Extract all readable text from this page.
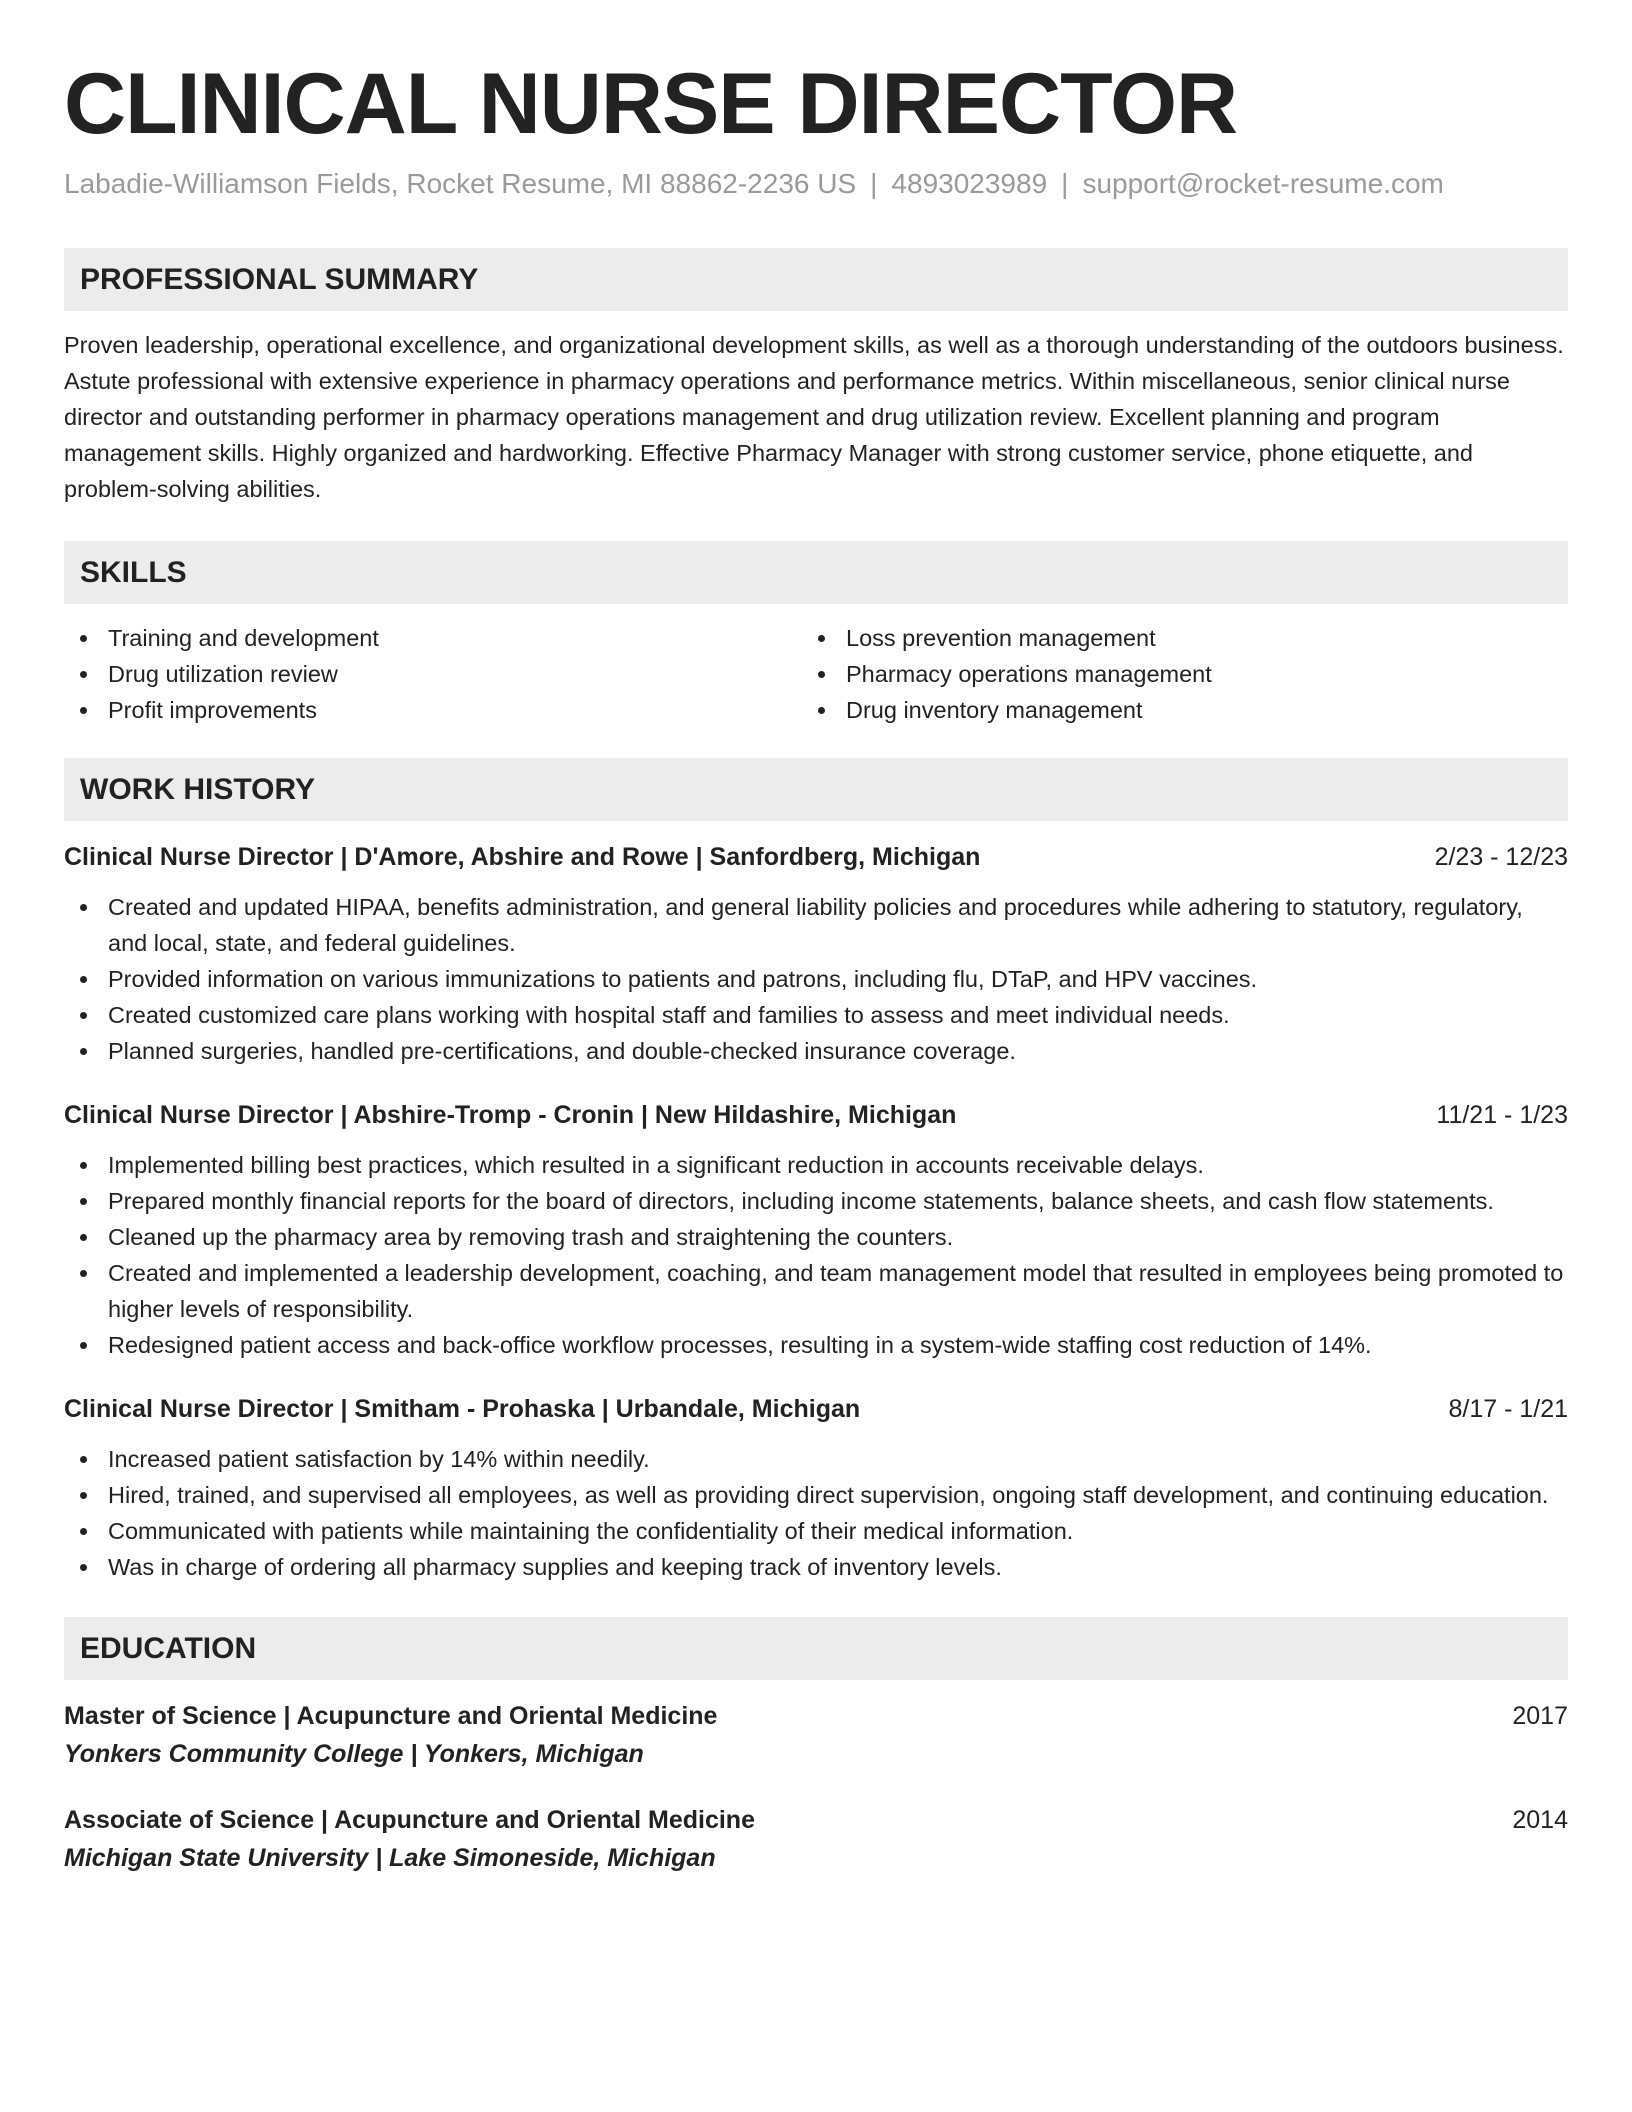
CLINICAL NURSE DIRECTOR
Labadie-Williamson Fields, Rocket Resume, MI 88862-2236 US | 4893023989 | support@rocket-resume.com
PROFESSIONAL SUMMARY

Proven leadership, operational excellence, and organizational development skills, as well as a thorough understanding of the outdoors business. Astute professional with extensive experience in pharmacy operations and performance metrics. Within miscellaneous, senior clinical nurse director and outstanding performer in pharmacy operations management and drug utilization review. Excellent planning and program management skills. Highly organized and hardworking. Effective Pharmacy Manager with strong customer service, phone etiquette, and problem-solving abilities.

SKILLS
Training and development
Drug utilization review
Profit improvements
Loss prevention management
Pharmacy operations management
Drug inventory management
WORK HISTORY
Clinical Nurse Director | D'Amore, Abshire and Rowe | Sanfordberg, Michigan	2/23 - 12/23
Created and updated HIPAA, benefits administration, and general liability policies and procedures while adhering to statutory, regulatory, and local, state, and federal guidelines.
Provided information on various immunizations to patients and patrons, including flu, DTaP, and HPV vaccines.
Created customized care plans working with hospital staff and families to assess and meet individual needs.
Planned surgeries, handled pre-certifications, and double-checked insurance coverage.
Clinical Nurse Director | Abshire-Tromp - Cronin | New Hildashire, Michigan	11/21 - 1/23
Implemented billing best practices, which resulted in a significant reduction in accounts receivable delays.
Prepared monthly financial reports for the board of directors, including income statements, balance sheets, and cash flow statements.
Cleaned up the pharmacy area by removing trash and straightening the counters.
Created and implemented a leadership development, coaching, and team management model that resulted in employees being promoted to higher levels of responsibility.
Redesigned patient access and back-office workflow processes, resulting in a system-wide staffing cost reduction of 14%.
Clinical Nurse Director | Smitham - Prohaska | Urbandale, Michigan	8/17 - 1/21
Increased patient satisfaction by 14% within needily.
Hired, trained, and supervised all employees, as well as providing direct supervision, ongoing staff development, and continuing education.
Communicated with patients while maintaining the confidentiality of their medical information.
Was in charge of ordering all pharmacy supplies and keeping track of inventory levels.
EDUCATION
Master of Science | Acupuncture and Oriental Medicine	2017
Yonkers Community College | Yonkers, Michigan
Associate of Science | Acupuncture and Oriental Medicine	2014
Michigan State University | Lake Simoneside, Michigan
